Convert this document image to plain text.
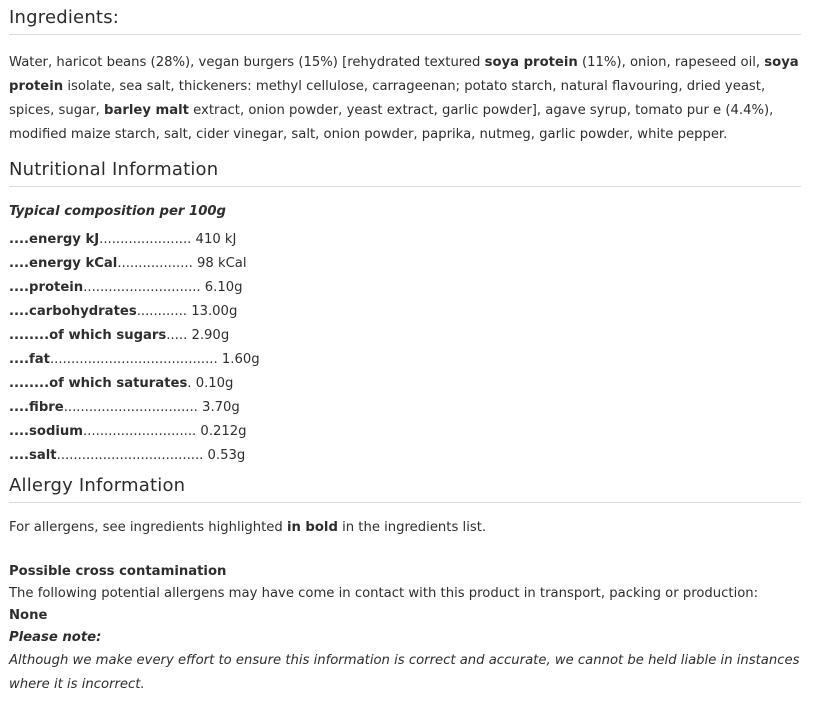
Ingredients:

Water, haricot beans (28%), vegan burgers (15%) [rehydrated textured soya protein (11%), onion, rapeseed oil, soya protein isolate, sea salt, thickeners: methyl cellulose, carrageenan; potato starch, natural flavouring, dried yeast, spices, sugar, barley malt extract, onion powder, yeast extract, garlic powder], agave syrup, tomato pur e (4.4%), modified maize starch, salt, cider vinegar, salt, onion powder, paprika, nutmeg, garlic powder, white pepper.

Nutritional Information
Typical composition per 100g
....energy kJ...................... 410 kJ
....energy kCal.................. 98 kCal
....protein............................ 6.10g
....carbohydrates............ 13.00g
........of which sugars..... 2.90g
....fat........................................ 1.60g
........of which saturates. 0.10g
....fibre................................ 3.70g
....sodium........................... 0.212g
....salt................................... 0.53g
Allergy Information
For allergens, see ingredients highlighted in bold in the ingredients list.
Possible cross contamination
The following potential allergens may have come in contact with this product in transport, packing or production:
None
Please note:
Although we make every effort to ensure this information is correct and accurate, we cannot be held liable in instances where it is incorrect.
